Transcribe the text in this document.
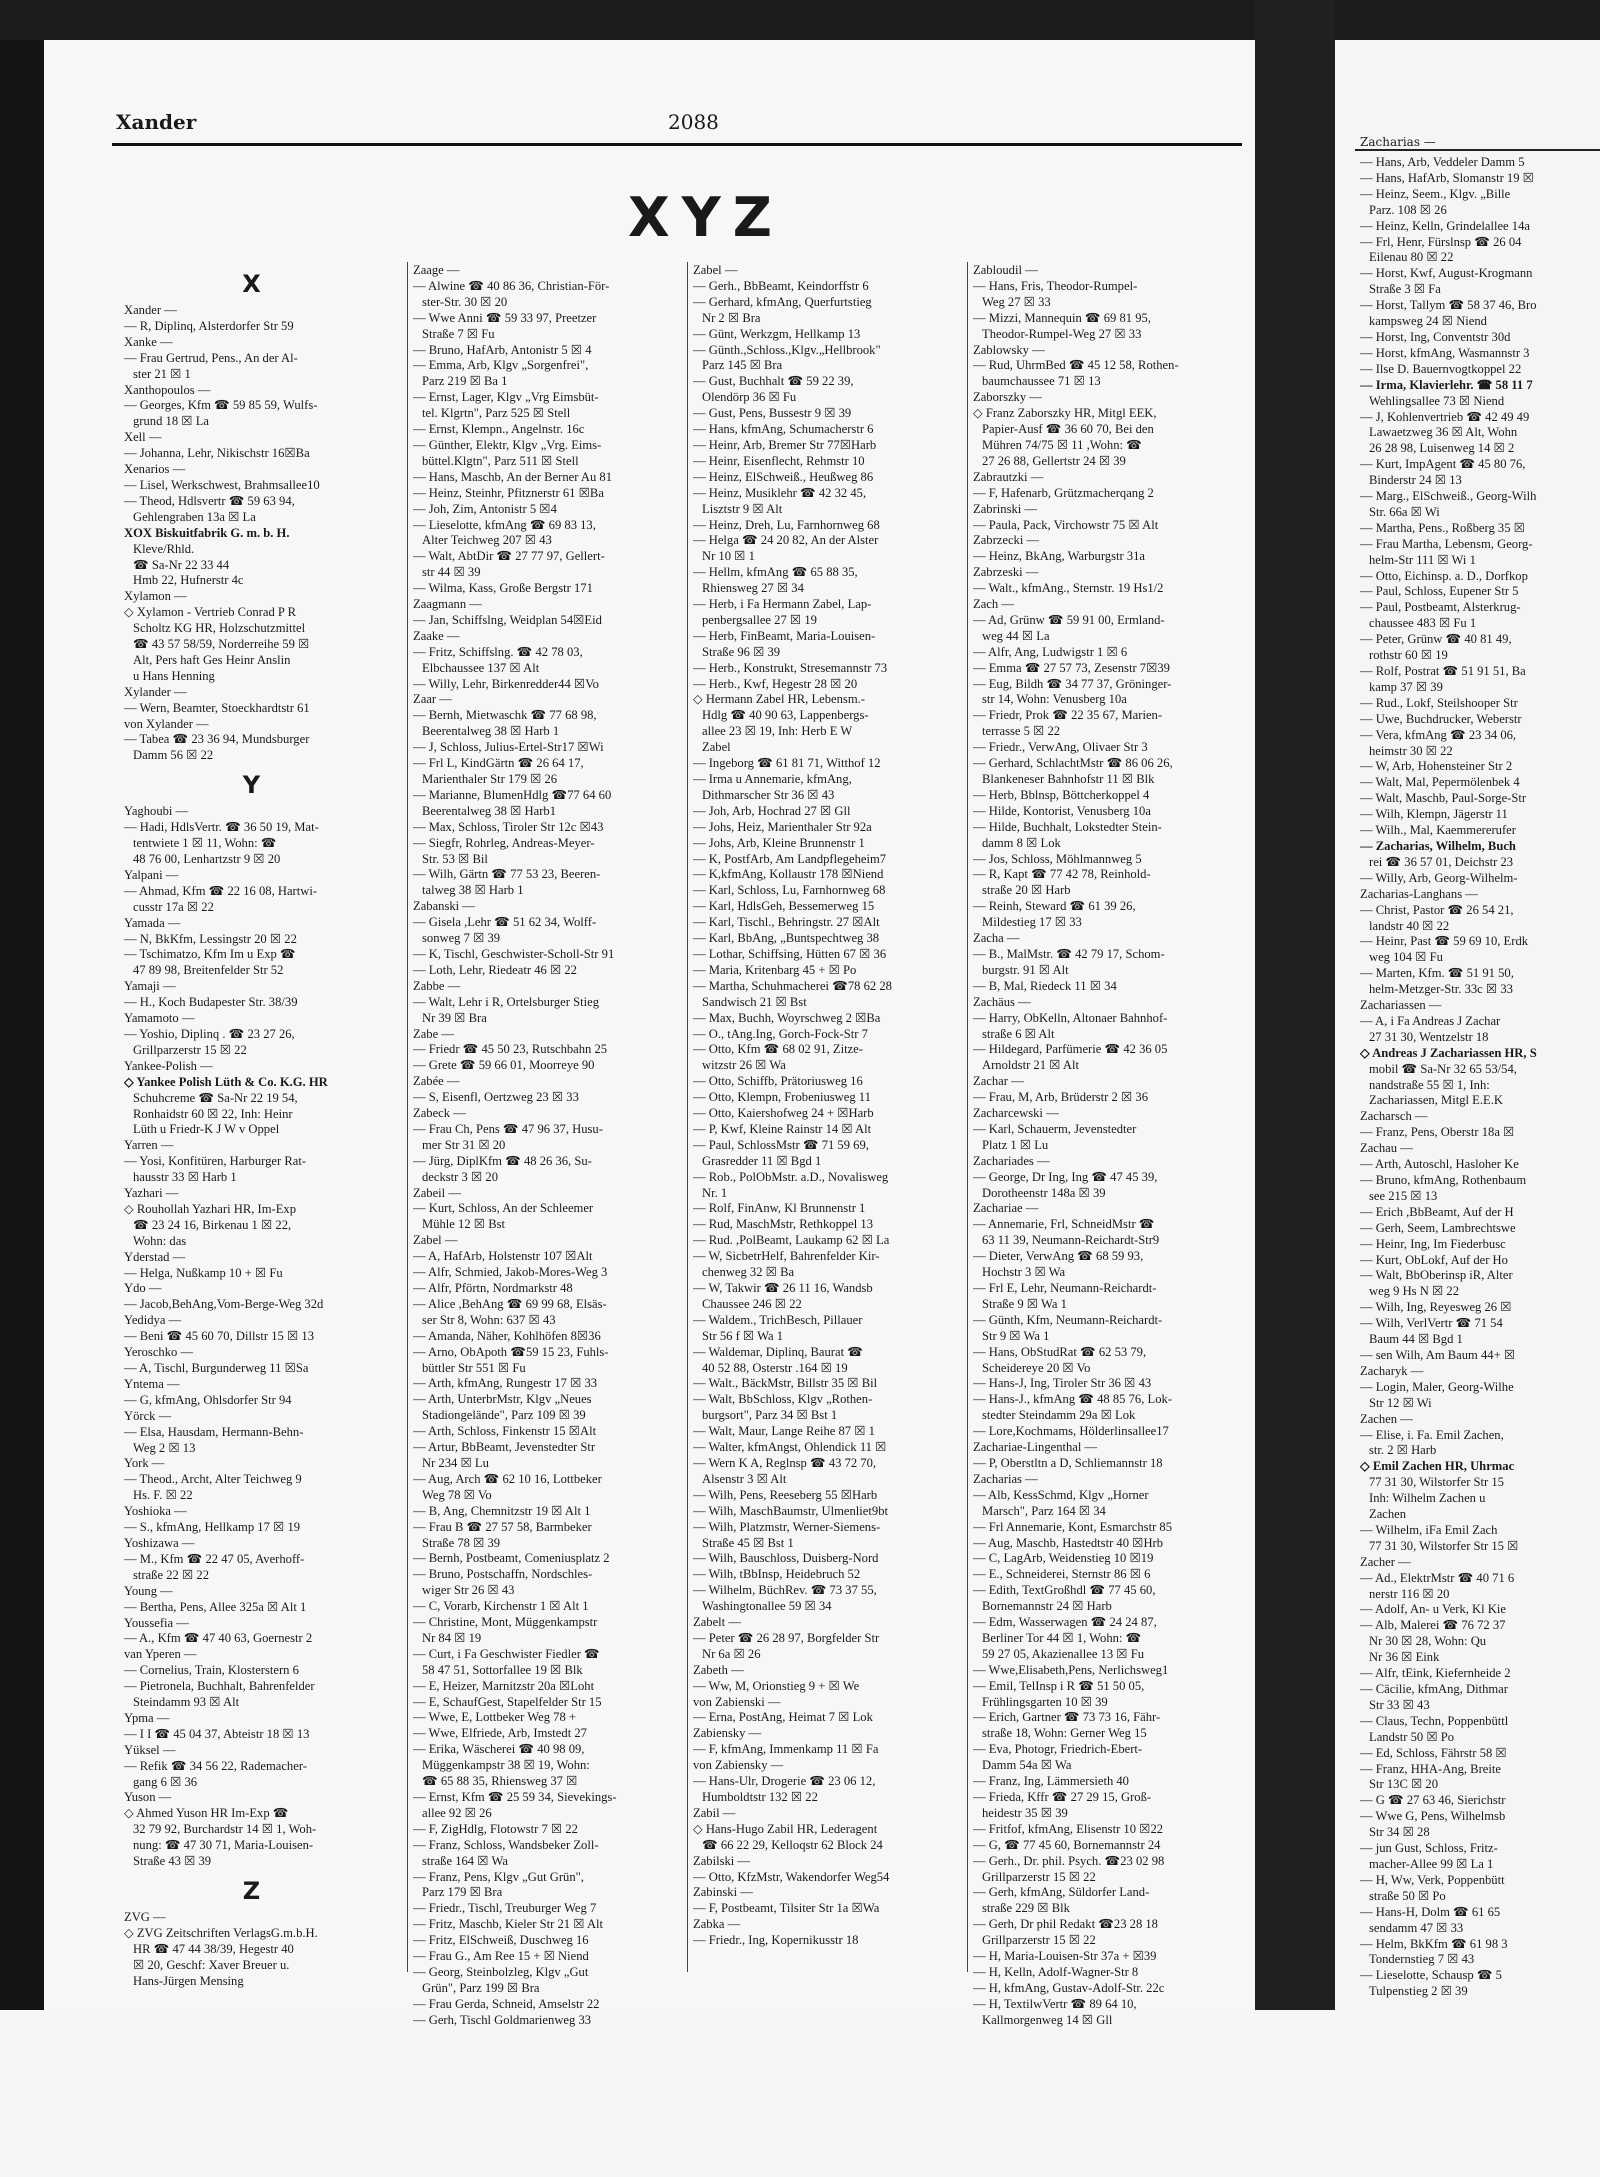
Xander	2088
XYZ
X
Xander —
— R, Diplinq, Alsterdorfer Str 59
Xanke —
— Frau Gertrud, Pens., An der Al-
ster 21 ☒ 1
Xanthopoulos —
— Georges, Kfm ☎ 59 85 59, Wulfs-
grund 18 ☒ La
Xell —
— Johanna, Lehr, Nikischstr 16☒Ba
Xenarios —
— Lisel, Werkschwest, Brahmsallee10
— Theod, Hdlsvertr ☎ 59 63 94,
Gehlengraben 13a ☒ La
XOX Biskuitfabrik G. m. b. H.
Kleve/Rhld.
☎ Sa-Nr 22 33 44
Hmb 22, Hufnerstr 4c
Xylamon —
◇ Xylamon - Vertrieb Conrad P R
Scholtz KG HR, Holzschutzmittel
☎ 43 57 58/59, Norderreihe 59 ☒
Alt, Pers haft Ges Heinr Anslin
u Hans Henning
Xylander —
— Wern, Beamter, Stoeckhardtstr 61
von Xylander —
— Tabea ☎ 23 36 94, Mundsburger
Damm 56 ☒ 22
Y
Yaghoubi —
— Hadi, HdlsVertr. ☎ 36 50 19, Mat-
tentwiete 1 ☒ 11, Wohn: ☎
48 76 00, Lenhartzstr 9 ☒ 20
Yalpani —
— Ahmad, Kfm ☎ 22 16 08, Hartwi-
cusstr 17a ☒ 22
Yamada —
— N, BkKfm, Lessingstr 20 ☒ 22
— Tschimatzo, Kfm Im u Exp ☎
47 89 98, Breitenfelder Str 52
Yamaji —
— H., Koch Budapester Str. 38/39
Yamamoto —
— Yoshio, Diplinq . ☎ 23 27 26,
Grillparzerstr 15 ☒ 22
Yankee-Polish —
◇ Yankee Polish Lüth & Co. K.G. HR
Schuhcreme ☎ Sa-Nr 22 19 54,
Ronhaidstr 60 ☒ 22, Inh: Heinr
Lüth u Friedr-K J W v Oppel
Yarren —
— Yosi, Konfitüren, Harburger Rat-
hausstr 33 ☒ Harb 1
Yazhari —
◇ Rouhollah Yazhari HR, Im-Exp
☎ 23 24 16, Birkenau 1 ☒ 22,
Wohn: das
Yderstad —
— Helga, Nußkamp 10 + ☒ Fu
Ydo —
— Jacob,BehAng,Vom-Berge-Weg 32d
Yedidya —
— Beni ☎ 45 60 70, Dillstr 15 ☒ 13
Yeroschko —
— A, Tischl, Burgunderweg 11 ☒Sa
Yntema —
— G, kfmAng, Ohlsdorfer Str 94
Yörck —
— Elsa, Hausdam, Hermann-Behn-
Weg 2 ☒ 13
York —
— Theod., Archt, Alter Teichweg 9
Hs. F. ☒ 22
Yoshioka —
— S., kfmAng, Hellkamp 17 ☒ 19
Yoshizawa —
— M., Kfm ☎ 22 47 05, Averhoff-
straße 22 ☒ 22
Young —
— Bertha, Pens, Allee 325a ☒ Alt 1
Youssefia —
— A., Kfm ☎ 47 40 63, Goernestr 2
van Yperen —
— Cornelius, Train, Klosterstern 6
— Pietronela, Buchhalt, Bahrenfelder
Steindamm 93 ☒ Alt
Ypma —
— I I ☎ 45 04 37, Abteistr 18 ☒ 13
Yüksel —
— Refik ☎ 34 56 22, Rademacher-
gang 6 ☒ 36
Yuson —
◇ Ahmed Yuson HR Im-Exp ☎
32 79 92, Burchardstr 14 ☒ 1, Woh-
nung: ☎ 47 30 71, Maria-Louisen-
Straße 43 ☒ 39
Z
ZVG —
◇ ZVG Zeitschriften VerlagsG.m.b.H.
HR ☎ 47 44 38/39, Hegestr 40
☒ 20, Geschf: Xaver Breuer u.
Hans-Jürgen Mensing
Zaage —
— Alwine ☎ 40 86 36, Christian-För-
ster-Str. 30 ☒ 20
— Wwe Anni ☎ 59 33 97, Preetzer
Straße 7 ☒ Fu
— Bruno, HafArb, Antonistr 5 ☒ 4
— Emma, Arb, Klgv „Sorgenfrei",
Parz 219 ☒ Ba 1
— Ernst, Lager, Klgv „Vrg Eimsbüt-
tel. Klgrtn", Parz 525 ☒ Stell
— Ernst, Klempn., Angelnstr. 16c
— Günther, Elektr, Klgv „Vrg. Eims-
büttel.Klgtn", Parz 511 ☒ Stell
— Hans, Maschb, An der Berner Au 81
— Heinz, Steinhr, Pfitznerstr 61 ☒Ba
— Joh, Zim, Antonistr 5 ☒4
— Lieselotte, kfmAng ☎ 69 83 13,
Alter Teichweg 207 ☒ 43
— Walt, AbtDir ☎ 27 77 97, Gellert-
str 44 ☒ 39
— Wilma, Kass, Große Bergstr 171
Zaagmann —
— Jan, Schiffslng, Weidplan 54☒Eid
Zaake —
— Fritz, Schiffslng. ☎ 42 78 03,
Elbchaussee 137 ☒ Alt
— Willy, Lehr, Birkenredder44 ☒Vo
Zaar —
— Bernh, Mietwaschk ☎ 77 68 98,
Beerentalweg 38 ☒ Harb 1
— J, Schloss, Julius-Ertel-Str17 ☒Wi
— Frl L, KindGärtn ☎ 26 64 17,
Marienthaler Str 179 ☒ 26
— Marianne, BlumenHdlg ☎77 64 60
Beerentalweg 38 ☒ Harb1
— Max, Schloss, Tiroler Str 12c ☒43
— Siegfr, Rohrleg, Andreas-Meyer-
Str. 53 ☒ Bil
— Wilh, Gärtn ☎ 77 53 23, Beeren-
talweg 38 ☒ Harb 1
Zabanski —
— Gisela ,Lehr ☎ 51 62 34, Wolff-
sonweg 7 ☒ 39
— K, Tischl, Geschwister-Scholl-Str 91
— Loth, Lehr, Riedeatr 46 ☒ 22
Zabbe —
— Walt, Lehr i R, Ortelsburger Stieg
Nr 39 ☒ Bra
Zabe —
— Friedr ☎ 45 50 23, Rutschbahn 25
— Grete ☎ 59 66 01, Moorreye 90
Zabée —
— S, Eisenfl, Oertzweg 23 ☒ 33
Zabeck —
— Frau Ch, Pens ☎ 47 96 37, Husu-
mer Str 31 ☒ 20
— Jürg, DiplKfm ☎ 48 26 36, Su-
deckstr 3 ☒ 20
Zabeil —
— Kurt, Schloss, An der Schleemer
Mühle 12 ☒ Bst
Zabel —
— A, HafArb, Holstenstr 107 ☒Alt
— Alfr, Schmied, Jakob-Mores-Weg 3
— Alfr, Pförtn, Nordmarkstr 48
— Alice ,BehAng ☎ 69 99 68, Elsäs-
ser Str 8, Wohn: 637 ☒ 43
— Amanda, Näher, Kohlhöfen 8☒36
— Arno, ObApoth ☎59 15 23, Fuhls-
büttler Str 551 ☒ Fu
— Arth, kfmAng, Rungestr 17 ☒ 33
— Arth, UnterbrMstr, Klgv „Neues
Stadiongelände", Parz 109 ☒ 39
— Arth, Schloss, Finkenstr 15 ☒Alt
— Artur, BbBeamt, Jevenstedter Str
Nr 234 ☒ Lu
— Aug, Arch ☎ 62 10 16, Lottbeker
Weg 78 ☒ Vo
— B, Ang, Chemnitzstr 19 ☒ Alt 1
— Frau B ☎ 27 57 58, Barmbeker
Straße 78 ☒ 39
— Bernh, Postbeamt, Comeniusplatz 2
— Bruno, Postschaffn, Nordschles-
wiger Str 26 ☒ 43
— C, Vorarb, Kirchenstr 1 ☒ Alt 1
— Christine, Mont, Müggenkampstr
Nr 84 ☒ 19
— Curt, i Fa Geschwister Fiedler ☎
58 47 51, Sottorfallee 19 ☒ Blk
— E, Heizer, Marnitzstr 20a ☒Loht
— E, SchaufGest, Stapelfelder Str 15
— Wwe, E, Lottbeker Weg 78 +
— Wwe, Elfriede, Arb, Imstedt 27
— Erika, Wäscherei ☎ 40 98 09,
Müggenkampstr 38 ☒ 19, Wohn:
☎ 65 88 35, Rhiensweg 37 ☒
— Ernst, Kfm ☎ 25 59 34, Sievekings-
allee 92 ☒ 26
— F, ZigHdlg, Flotowstr 7 ☒ 22
— Franz, Schloss, Wandsbeker Zoll-
straße 164 ☒ Wa
— Franz, Pens, Klgv „Gut Grün",
Parz 179 ☒ Bra
— Friedr., Tischl, Treuburger Weg 7
— Fritz, Maschb, Kieler Str 21 ☒ Alt
— Fritz, ElSchweiß, Duschweg 16
— Frau G., Am Ree 15 + ☒ Niend
— Georg, Steinbolzleg, Klgv „Gut
Grün", Parz 199 ☒ Bra
— Frau Gerda, Schneid, Amselstr 22
— Gerh, Tischl Goldmarienweg 33
Zabel —
— Gerh., BbBeamt, Keindorffstr 6
— Gerhard, kfmAng, Querfurtstieg
Nr 2 ☒ Bra
— Günt, Werkzgm, Hellkamp 13
— Günth.,Schloss.,Klgv.„Hellbrook"
Parz 145 ☒ Bra
— Gust, Buchhalt ☎ 59 22 39,
Olendörp 36 ☒ Fu
— Gust, Pens, Bussestr 9 ☒ 39
— Hans, kfmAng, Schumacherstr 6
— Heinr, Arb, Bremer Str 77☒Harb
— Heinr, Eisenflecht, Rehmstr 10
— Heinz, ElSchweiß., Heußweg 86
— Heinz, Musiklehr ☎ 42 32 45,
Lisztstr 9 ☒ Alt
— Heinz, Dreh, Lu, Farnhornweg 68
— Helga ☎ 24 20 82, An der Alster
Nr 10 ☒ 1
— Hellm, kfmAng ☎ 65 88 35,
Rhiensweg 27 ☒ 34
— Herb, i Fa Hermann Zabel, Lap-
penbergsallee 27 ☒ 19
— Herb, FinBeamt, Maria-Louisen-
Straße 96 ☒ 39
— Herb., Konstrukt, Stresemannstr 73
— Herb., Kwf, Hegestr 28 ☒ 20
◇ Hermann Zabel HR, Lebensm.-
Hdlg ☎ 40 90 63, Lappenbergs-
allee 23 ☒ 19, Inh: Herb E W
Zabel
— Ingeborg ☎ 61 81 71, Witthof 12
— Irma u Annemarie, kfmAng,
Dithmarscher Str 36 ☒ 43
— Joh, Arb, Hochrad 27 ☒ Gll
— Johs, Heiz, Marienthaler Str 92a
— Johs, Arb, Kleine Brunnenstr 1
— K, PostfArb, Am Landpflegeheim7
— K,kfmAng, Kollaustr 178 ☒Niend
— Karl, Schloss, Lu, Farnhornweg 68
— Karl, HdlsGeh, Bessemerweg 15
— Karl, Tischl., Behringstr. 27 ☒Alt
— Karl, BbAng, „Buntspechtweg 38
— Lothar, Schiffsing, Hütten 67 ☒ 36
— Maria, Kritenbarg 45 + ☒ Po
— Martha, Schuhmacherei ☎78 62 28
Sandwisch 21 ☒ Bst
— Max, Buchh, Woyrschweg 2 ☒Ba
— O., tAng.Ing, Gorch-Fock-Str 7
— Otto, Kfm ☎ 68 02 91, Zitze-
witzstr 26 ☒ Wa
— Otto, Schiffb, Prätoriusweg 16
— Otto, Klempn, Frobeniusweg 11
— Otto, Kaiershofweg 24 + ☒Harb
— P, Kwf, Kleine Rainstr 14 ☒ Alt
— Paul, SchlossMstr ☎ 71 59 69,
Grasredder 11 ☒ Bgd 1
— Rob., PolObMstr. a.D., Novalisweg
Nr. 1
— Rolf, FinAnw, Kl Brunnenstr 1
— Rud, MaschMstr, Rethkoppel 13
— Rud. ,PolBeamt, Laukamp 62 ☒ La
— W, SicbetrHelf, Bahrenfelder Kir-
chenweg 32 ☒ Ba
— W, Takwir ☎ 26 11 16, Wandsb
Chaussee 246 ☒ 22
— Waldem., TrichBesch, Pillauer
Str 56 f ☒ Wa 1
— Waldemar, Diplinq, Baurat ☎
40 52 88, Osterstr .164 ☒ 19
— Walt., BäckMstr, Billstr 35 ☒ Bil
— Walt, BbSchloss, Klgv „Rothen-
burgsort", Parz 34 ☒ Bst 1
— Walt, Maur, Lange Reihe 87 ☒ 1
— Walter, kfmAngst, Ohlendick 11 ☒
— Wern K A, Reglnsp ☎ 43 72 70,
Alsenstr 3 ☒ Alt
— Wilh, Pens, Reeseberg 55 ☒Harb
— Wilh, MaschBaumstr, Ulmenliet9bt
— Wilh, Platzmstr, Werner-Siemens-
Straße 45 ☒ Bst 1
— Wilh, Bauschloss, Duisberg-Nord
— Wilh, tBbInsp, Heidebruch 52
— Wilhelm, BüchRev. ☎ 73 37 55,
Washingtonallee 59 ☒ 34
Zabelt —
— Peter ☎ 26 28 97, Borgfelder Str
Nr 6a ☒ 26
Zabeth —
— Ww, M, Orionstieg 9 + ☒ We
von Zabienski —
— Erna, PostAng, Heimat 7 ☒ Lok
Zabiensky —
— F, kfmAng, Immenkamp 11 ☒ Fa
von Zabiensky —
— Hans-Ulr, Drogerie ☎ 23 06 12,
Humboldtstr 132 ☒ 22
Zabil —
◇ Hans-Hugo Zabil HR, Lederagent
☎ 66 22 29, Kelloqstr 62 Block 24
Zabilski —
— Otto, KfzMstr, Wakendorfer Weg54
Zabinski —
— F, Postbeamt, Tilsiter Str 1a ☒Wa
Zabka —
— Friedr., Ing, Kopernikusstr 18
Zabloudil —
— Hans, Fris, Theodor-Rumpel-
Weg 27 ☒ 33
— Mizzi, Mannequin ☎ 69 81 95,
Theodor-Rumpel-Weg 27 ☒ 33
Zablowsky —
— Rud, UhrmBed ☎ 45 12 58, Rothen-
baumchaussee 71 ☒ 13
Zaborszky —
◇ Franz Zaborszky HR, Mitgl EEK,
Papier-Ausf ☎ 36 60 70, Bei den
Mühren 74/75 ☒ 11 ,Wohn: ☎
27 26 88, Gellertstr 24 ☒ 39
Zabrautzki —
— F, Hafenarb, Grützmacherqang 2
Zabrinski —
— Paula, Pack, Virchowstr 75 ☒ Alt
Zabrzecki —
— Heinz, BkAng, Warburgstr 31a
Zabrzeski —
— Walt., kfmAng., Sternstr. 19 Hs1/2
Zach —
— Ad, Grünw ☎ 59 91 00, Ermland-
weg 44 ☒ La
— Alfr, Ang, Ludwigstr 1 ☒ 6
— Emma ☎ 27 57 73, Zesenstr 7☒39
— Eug, Bildh ☎ 34 77 37, Gröninger-
str 14, Wohn: Venusberg 10a
— Friedr, Prok ☎ 22 35 67, Marien-
terrasse 5 ☒ 22
— Friedr., VerwAng, Olivaer Str 3
— Gerhard, SchlachtMstr ☎ 86 06 26,
Blankeneser Bahnhofstr 11 ☒ Blk
— Herb, Bblnsp, Böttcherkoppel 4
— Hilde, Kontorist, Venusberg 10a
— Hilde, Buchhalt, Lokstedter Stein-
damm 8 ☒ Lok
— Jos, Schloss, Möhlmannweg 5
— R, Kapt ☎ 77 42 78, Reinhold-
straße 20 ☒ Harb
— Reinh, Steward ☎ 61 39 26,
Mildestieg 17 ☒ 33
Zacha —
— B., MalMstr. ☎ 42 79 17, Schom-
burgstr. 91 ☒ Alt
— B, Mal, Riedeck 11 ☒ 34
Zachäus —
— Harry, ObKelln, Altonaer Bahnhof-
straße 6 ☒ Alt
— Hildegard, Parfümerie ☎ 42 36 05
Arnoldstr 21 ☒ Alt
Zachar —
— Frau, M, Arb, Brüderstr 2 ☒ 36
Zacharcewski —
— Karl, Schauerm, Jevenstedter
Platz 1 ☒ Lu
Zachariades —
— George, Dr Ing, Ing ☎ 47 45 39,
Dorotheenstr 148a ☒ 39
Zachariae —
— Annemarie, Frl, SchneidMstr ☎
63 11 39, Neumann-Reichardt-Str9
— Dieter, VerwAng ☎ 68 59 93,
Hochstr 3 ☒ Wa
— Frl E, Lehr, Neumann-Reichardt-
Straße 9 ☒ Wa 1
— Günth, Kfm, Neumann-Reichardt-
Str 9 ☒ Wa 1
— Hans, ObStudRat ☎ 62 53 79,
Scheidereye 20 ☒ Vo
— Hans-J, Ing, Tiroler Str 36 ☒ 43
— Hans-J., kfmAng ☎ 48 85 76, Lok-
stedter Steindamm 29a ☒ Lok
— Lore,Kochmams, Hölderlinsallee17
Zachariae-Lingenthal —
— P, Oberstltn a D, Schliemannstr 18
Zacharias —
— Alb, KessSchmd, Klgv „Horner
Marsch", Parz 164 ☒ 34
— Frl Annemarie, Kont, Esmarchstr 85
— Aug, Maschb, Hastedtstr 40 ☒Hrb
— C, LagArb, Weidenstieg 10 ☒19
— E., Schneiderei, Sternstr 86 ☒ 6
— Edith, TextGroßhdl ☎ 77 45 60,
Bornemannstr 24 ☒ Harb
— Edm, Wasserwagen ☎ 24 24 87,
Berliner Tor 44 ☒ 1, Wohn: ☎
59 27 05, Akazienallee 13 ☒ Fu
— Wwe,Elisabeth,Pens, Nerlichsweg1
— Emil, TelInsp i R ☎ 51 50 05,
Frühlingsgarten 10 ☒ 39
— Erich, Gartner ☎ 73 73 16, Fähr-
straße 18, Wohn: Gerner Weg 15
— Eva, Photogr, Friedrich-Ebert-
Damm 54a ☒ Wa
— Franz, Ing, Lämmersieth 40
— Frieda, Kffr ☎ 27 29 15, Groß-
heidestr 35 ☒ 39
— Fritfof, kfmAng, Elisenstr 10 ☒22
— G, ☎ 77 45 60, Bornemannstr 24
— Gerh., Dr. phil. Psych. ☎23 02 98
Grillparzerstr 15 ☒ 22
— Gerh, kfmAng, Süldorfer Land-
straße 229 ☒ Blk
— Gerh, Dr phil Redakt ☎23 28 18
Grillparzerstr 15 ☒ 22
— H, Maria-Louisen-Str 37a + ☒39
— H, Kelln, Adolf-Wagner-Str 8
— H, kfmAng, Gustav-Adolf-Str. 22c
— H, TextilwVertr ☎ 89 64 10,
Kallmorgenweg 14 ☒ Gll
Zacharias —
— Hans, Arb, Veddeler Damm 5
— Hans, HafArb, Slomanstr 19 ☒
— Heinz, Seem., Klgv. „Bille
Parz. 108 ☒ 26
— Heinz, Kelln, Grindelallee 14a
— Frl, Henr, Fürslnsp ☎ 26 04
Eilenau 80 ☒ 22
— Horst, Kwf, August-Krogmann
Straße 3 ☒ Fa
— Horst, Tallym ☎ 58 37 46, Bro
kampsweg 24 ☒ Niend
— Horst, Ing, Conventstr 30d
— Horst, kfmAng, Wasmannstr 3
— Ilse D. Bauernvogtkoppel 22
— Irma, Klavierlehr. ☎ 58 11 7
Wehlingsallee 73 ☒ Niend
— J, Kohlenvertrieb ☎ 42 49 49
Lawaetzweg 36 ☒ Alt, Wohn
26 28 98, Luisenweg 14 ☒ 2
— Kurt, ImpAgent ☎ 45 80 76,
Binderstr 24 ☒ 13
— Marg., ElSchweiß., Georg-Wilh
Str. 66a ☒ Wi
— Martha, Pens., Roßberg 35 ☒
— Frau Martha, Lebensm, Georg-
helm-Str 111 ☒ Wi 1
— Otto, Eichinsp. a. D., Dorfkop
— Paul, Schloss, Eupener Str 5
— Paul, Postbeamt, Alsterkrug-
chaussee 483 ☒ Fu 1
— Peter, Grünw ☎ 40 81 49,
rothstr 60 ☒ 19
— Rolf, Postrat ☎ 51 91 51, Ba
kamp 37 ☒ 39
— Rud., Lokf, Steilshooper Str
— Uwe, Buchdrucker, Weberstr
— Vera, kfmAng ☎ 23 34 06,
heimstr 30 ☒ 22
— W, Arb, Hohensteiner Str 2
— Walt, Mal, Pepermölenbek 4
— Walt, Maschb, Paul-Sorge-Str
— Wilh, Klempn, Jägerstr 11
— Wilh., Mal, Kaemmererufer
— Zacharias, Wilhelm, Buch
rei ☎ 36 57 01, Deichstr 23
— Willy, Arb, Georg-Wilhelm-
Zacharias-Langhans —
— Christ, Pastor ☎ 26 54 21,
landstr 40 ☒ 22
— Heinr, Past ☎ 59 69 10, Erdk
weg 104 ☒ Fu
— Marten, Kfm. ☎ 51 91 50,
helm-Metzger-Str. 33c ☒ 33
Zachariassen —
— A, i Fa Andreas J Zachar
27 31 30, Wentzelstr 18
◇ Andreas J Zachariassen HR, S
mobil ☎ Sa-Nr 32 65 53/54,
nandstraße 55 ☒ 1, Inh:
Zachariassen, Mitgl E.E.K
Zacharsch —
— Franz, Pens, Oberstr 18a ☒
Zachau —
— Arth, Autoschl, Hasloher Ke
— Bruno, kfmAng, Rothenbaum
see 215 ☒ 13
— Erich ,BbBeamt, Auf der H
— Gerh, Seem, Lambrechtswe
— Heinr, Ing, Im Fiederbusc
— Kurt, ObLokf, Auf der Ho
— Walt, BbOberinsp iR, Alter
weg 9 Hs N ☒ 22
— Wilh, Ing, Reyesweg 26 ☒
— Wilh, VerlVertr ☎ 71 54
Baum 44 ☒ Bgd 1
— sen Wilh, Am Baum 44+ ☒
Zacharyk —
— Login, Maler, Georg-Wilhe
Str 12 ☒ Wi
Zachen —
— Elise, i. Fa. Emil Zachen,
str. 2 ☒ Harb
◇ Emil Zachen HR, Uhrmac
77 31 30, Wilstorfer Str 15
Inh: Wilhelm Zachen u
Zachen
— Wilhelm, iFa Emil Zach
77 31 30, Wilstorfer Str 15 ☒
Zacher —
— Ad., ElektrMstr ☎ 40 71 6
nerstr 116 ☒ 20
— Adolf, An- u Verk, Kl Kie
— Alb, Malerei ☎ 76 72 37
Nr 30 ☒ 28, Wohn: Qu
Nr 36 ☒ Eink
— Alfr, tEink, Kiefernheide 2
— Cäcilie, kfmAng, Dithmar
Str 33 ☒ 43
— Claus, Techn, Poppenbüttl
Landstr 50 ☒ Po
— Ed, Schloss, Fährstr 58 ☒
— Franz, HHA-Ang, Breite
Str 13C ☒ 20
— G ☎ 27 63 46, Sierichstr
— Wwe G, Pens, Wilhelmsb
Str 34 ☒ 28
— jun Gust, Schloss, Fritz-
macher-Allee 99 ☒ La 1
— H, Ww, Verk, Poppenbütt
straße 50 ☒ Po
— Hans-H, Dolm ☎ 61 65
sendamm 47 ☒ 33
— Helm, BkKfm ☎ 61 98 3
Tondernstieg 7 ☒ 43
— Lieselotte, Schausp ☎ 5
Tulpenstieg 2 ☒ 39
